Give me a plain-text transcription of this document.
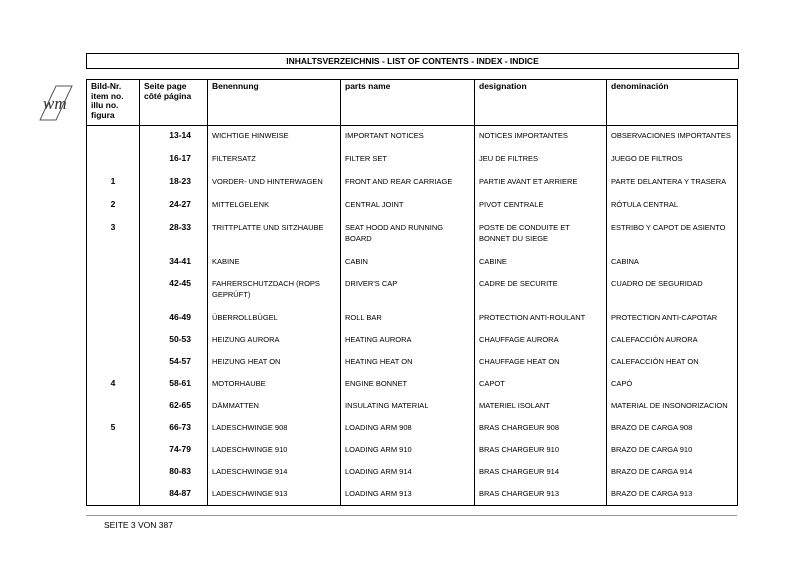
INHALTSVERZEICHNIS - LIST OF CONTENTS - INDEX - INDICE
wm
Bild-Nr. item no. illu no. figura	Seite page côté página	Benennung	parts name	designation	denominación
	13-14	WICHTIGE HINWEISE	IMPORTANT NOTICES	NOTICES IMPORTANTES	OBSERVACIONES IMPORTANTES
	16-17	FILTERSATZ	FILTER SET	JEU DE FILTRES	JUEGO DE FILTROS
1	18-23	VORDER- UND HINTERWAGEN	FRONT AND REAR CARRIAGE	PARTIE AVANT ET ARRIERE	PARTE DELANTERA Y TRASERA
2	24-27	MITTELGELENK	CENTRAL JOINT	PIVOT CENTRALE	RÓTULA CENTRAL
3	28-33	TRITTPLATTE UND SITZHAUBE	SEAT HOOD AND RUNNING BOARD	POSTE DE CONDUITE ET BONNET DU SIEGE	ESTRIBO Y CAPOT DE ASIENTO
	34-41	KABINE	CABIN	CABINE	CABINA
	42-45	FAHRERSCHUTZDACH (ROPS GEPRÜFT)	DRIVER'S CAP	CADRE DE SECURITE	CUADRO DE SEGURIDAD
	46-49	ÜBERROLLBÜGEL	ROLL BAR	PROTECTION ANTI-ROULANT	PROTECTION ANTI-CAPOTAR
	50-53	HEIZUNG AURORA	HEATING AURORA	CHAUFFAGE AURORA	CALEFACCIÓN AURORA
	54-57	HEIZUNG HEAT ON	HEATING HEAT ON	CHAUFFAGE HEAT ON	CALEFACCIÓN HEAT ON
4	58-61	MOTORHAUBE	ENGINE BONNET	CAPOT	CAPÓ
	62-65	DÄMMATTEN	INSULATING MATERIAL	MATERIEL ISOLANT	MATERIAL DE INSONORIZACION
5	66-73	LADESCHWINGE 908	LOADING ARM 908	BRAS CHARGEUR 908	BRAZO DE CARGA 908
	74-79	LADESCHWINGE 910	LOADING ARM 910	BRAS CHARGEUR 910	BRAZO DE CARGA 910
	80-83	LADESCHWINGE 914	LOADING ARM 914	BRAS CHARGEUR 914	BRAZO DE CARGA 914
	84-87	LADESCHWINGE 913	LOADING ARM 913	BRAS CHARGEUR 913	BRAZO DE CARGA 913
SEITE 3 VON 387
